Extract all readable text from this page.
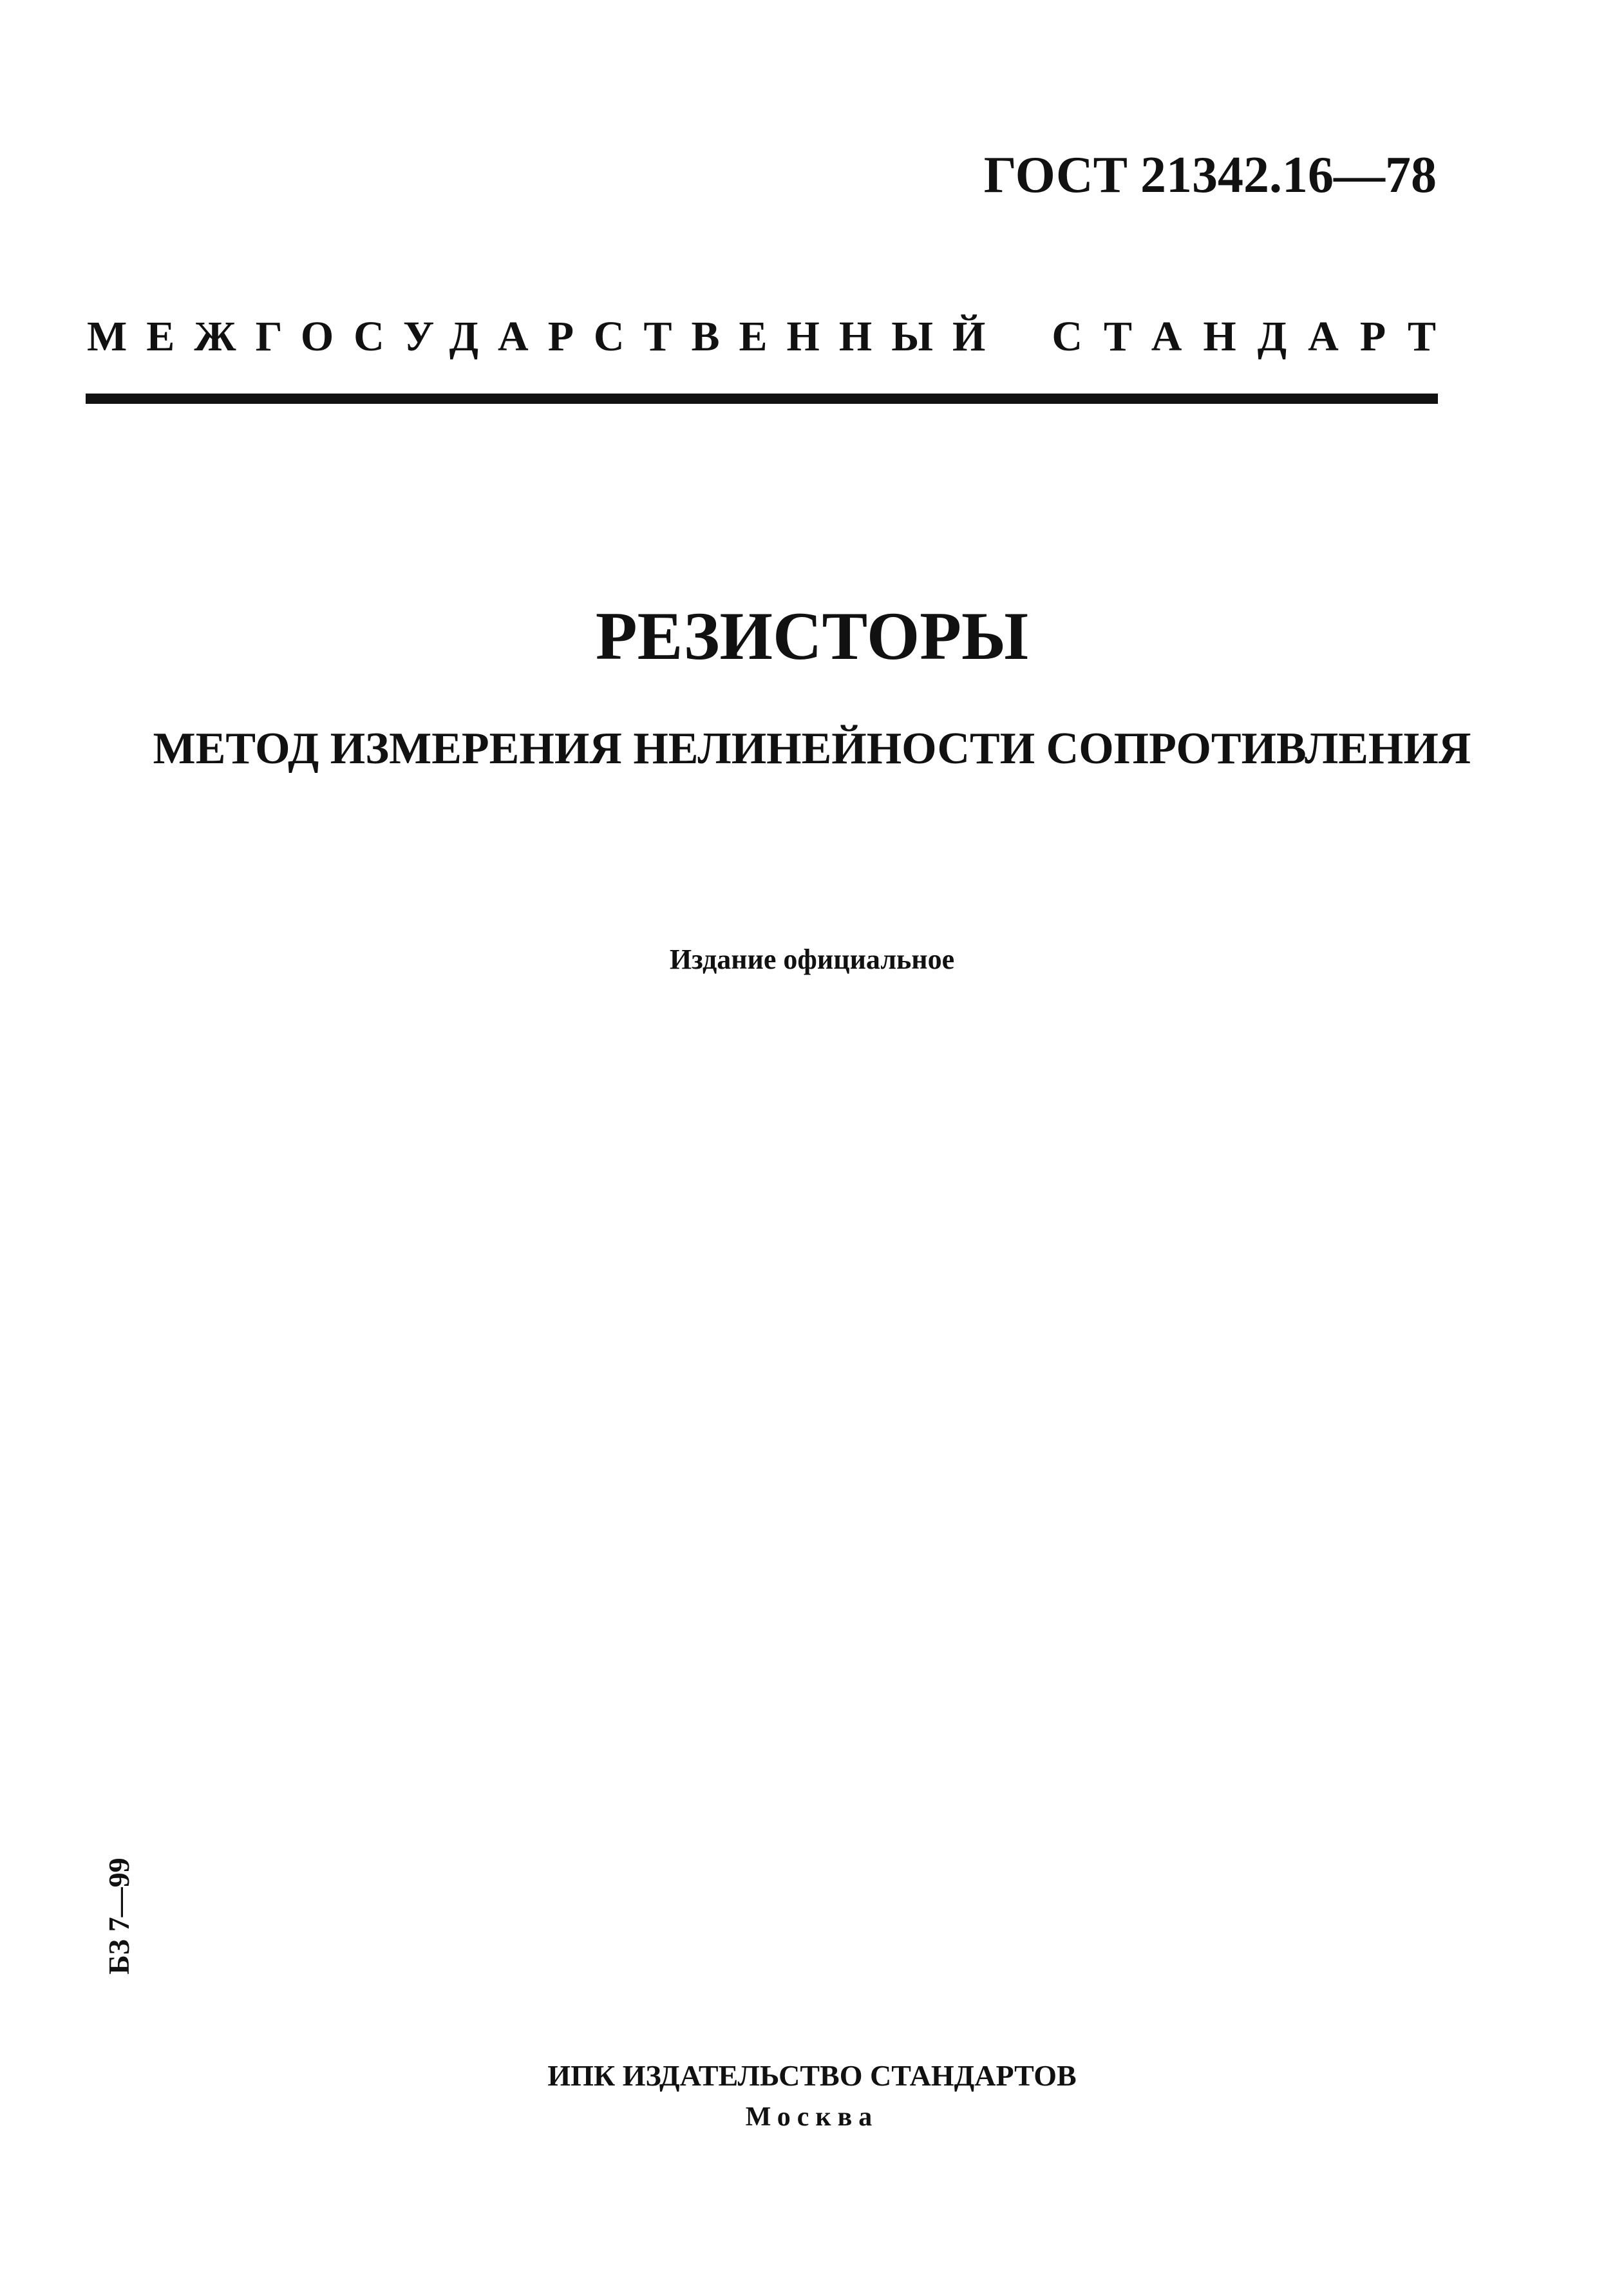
ГОСТ 21342.16—78
МЕЖГОСУДАРСТВЕННЫЙ СТАНДАРТ
РЕЗИСТОРЫ
МЕТОД ИЗМЕРЕНИЯ НЕЛИНЕЙНОСТИ СОПРОТИВЛЕНИЯ
Издание официальное
БЗ 7—99
ИПК ИЗДАТЕЛЬСТВО СТАНДАРТОВ
Москва
